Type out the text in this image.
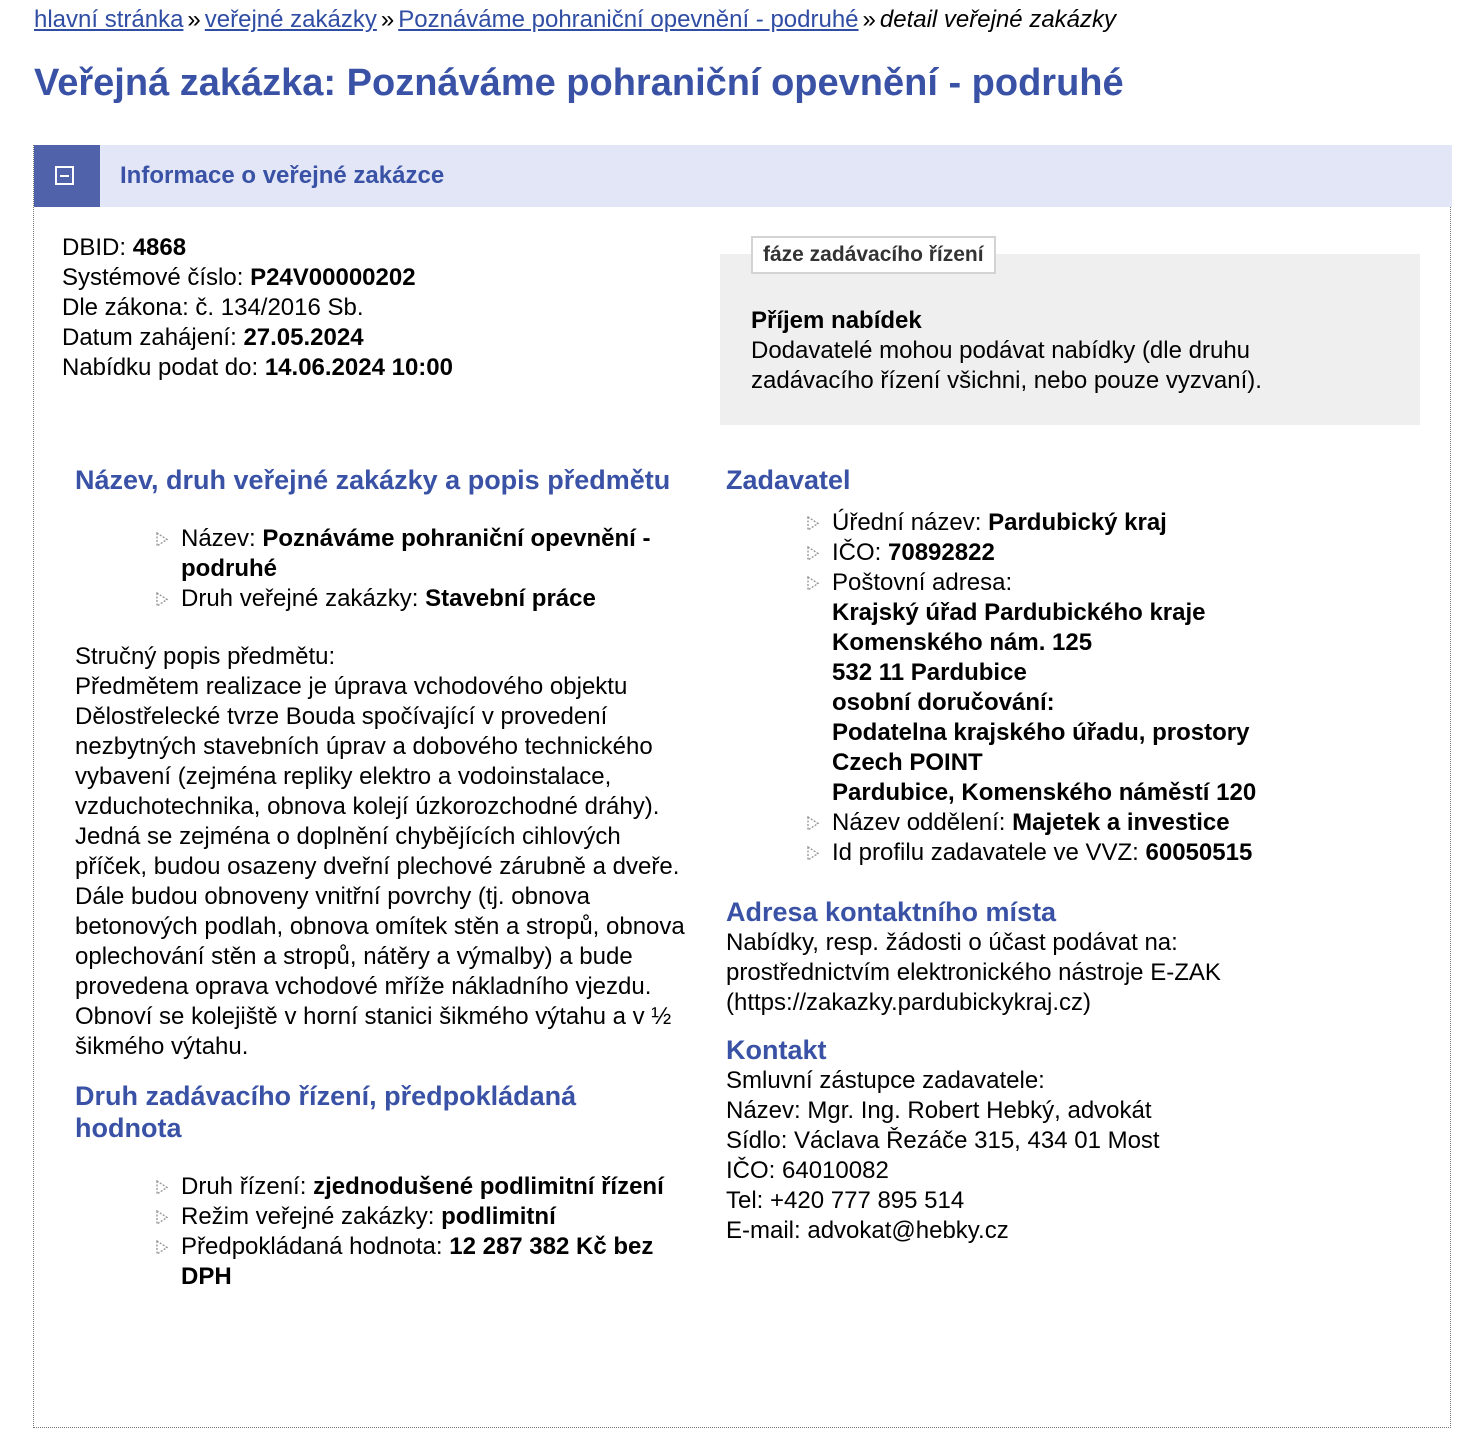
hlavní stránka » veřejné zakázky » Poznáváme pohraniční opevnění - podruhé » detail veřejné zakázky
Veřejná zakázka: Poznáváme pohraniční opevnění - podruhé
Informace o veřejné zakázce
DBID: 4868
Systémové číslo: P24V00000202
Dle zákona: č. 134/2016 Sb.
Datum zahájení: 27.05.2024
Nabídku podat do: 14.06.2024 10:00
fáze zadávacího řízení
Příjem nabídek
Dodavatelé mohou podávat nabídky (dle druhu zadávacího řízení všichni, nebo pouze vyzvaní).
Název, druh veřejné zakázky a popis předmětu
Název: Poznáváme pohraniční opevnění - podruhé
Druh veřejné zakázky: Stavební práce
Stručný popis předmětu:
Předmětem realizace je úprava vchodového objektu Dělostřelecké tvrze Bouda spočívající v provedení nezbytných stavebních úprav a dobového technického vybavení (zejména repliky elektro a vodoinstalace, vzduchotechnika, obnova kolejí úzkorozchodné dráhy). Jedná se zejména o doplnění chybějících cihlových příček, budou osazeny dveřní plechové zárubně a dveře. Dále budou obnoveny vnitřní povrchy (tj. obnova betonových podlah, obnova omítek stěn a stropů, obnova oplechování stěn a stropů, nátěry a výmalby) a bude provedena oprava vchodové mříže nákladního vjezdu. Obnoví se kolejiště v horní stanici šikmého výtahu a v ½ šikmého výtahu.
Druh zadávacího řízení, předpokládaná hodnota
Druh řízení: zjednodušené podlimitní řízení
Režim veřejné zakázky: podlimitní
Předpokládaná hodnota: 12 287 382 Kč bez DPH
Zadavatel
Úřední název: Pardubický kraj
IČO: 70892822
Poštovní adresa:
Krajský úřad Pardubického kraje
Komenského nám. 125
532 11 Pardubice
osobní doručování:
Podatelna krajského úřadu, prostory
Czech POINT
Pardubice, Komenského náměstí 120
Název oddělení: Majetek a investice
Id profilu zadavatele ve VVZ: 60050515
Adresa kontaktního místa
Nabídky, resp. žádosti o účast podávat na:
prostřednictvím elektronického nástroje E-ZAK
(https://zakazky.pardubickykraj.cz)
Kontakt
Smluvní zástupce zadavatele:
Název: Mgr. Ing. Robert Hebký, advokát
Sídlo: Václava Řezáče 315, 434 01 Most
IČO: 64010082
Tel: +420 777 895 514
E-mail: advokat@hebky.cz
